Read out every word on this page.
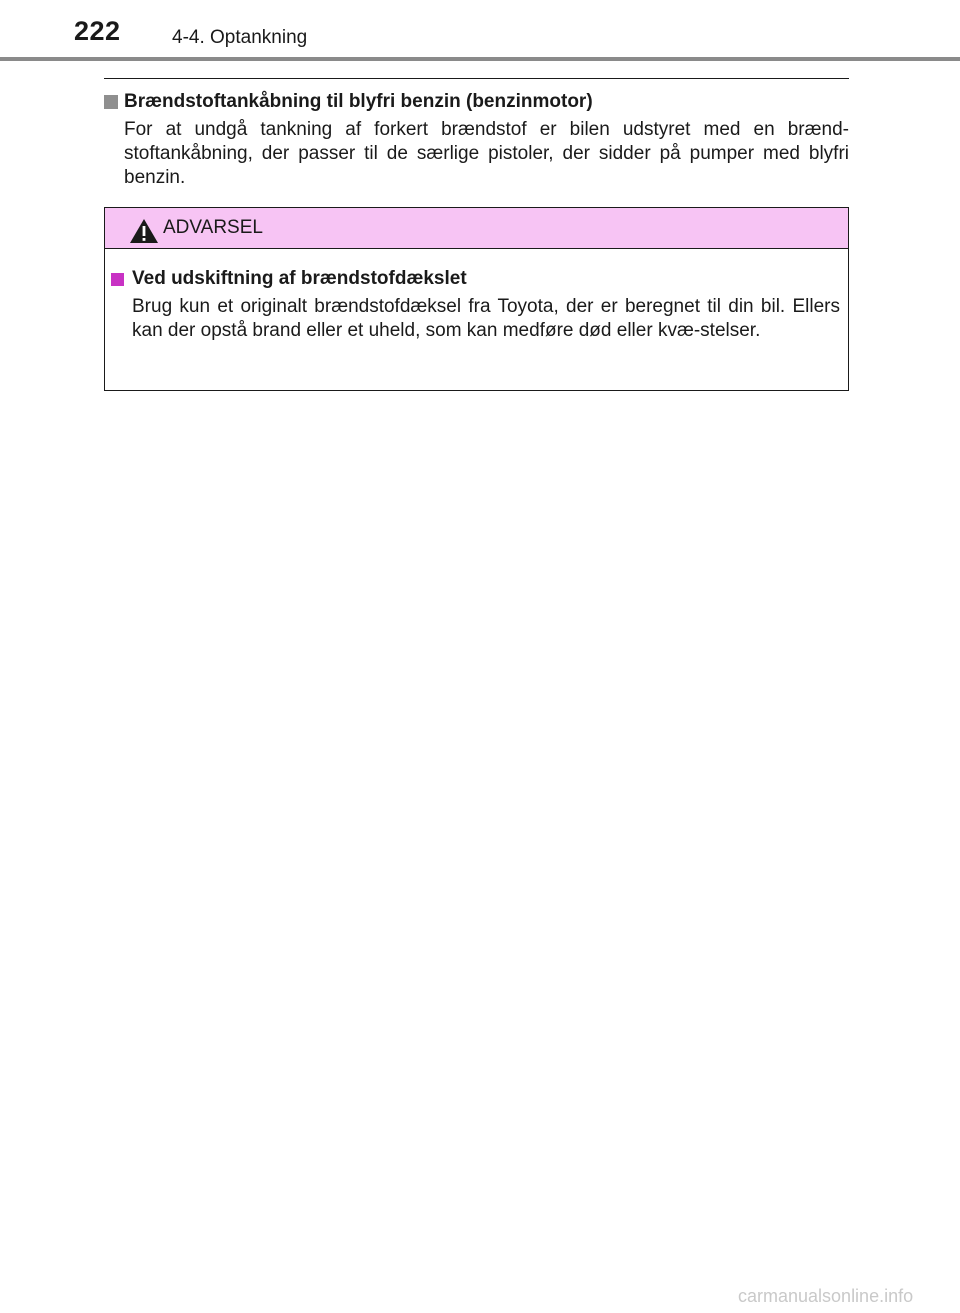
222	4-4. Optankning
Brændstoftankåbning til blyfri benzin (benzinmotor)
For at undgå tankning af forkert brændstof er bilen udstyret med en brænd-stoftankåbning, der passer til de særlige pistoler, der sidder på pumper med blyfri benzin.
ADVARSEL
Ved udskiftning af brændstofdækslet
Brug kun et originalt brændstofdæksel fra Toyota, der er beregnet til din bil. Ellers kan der opstå brand eller et uheld, som kan medføre død eller kvæ-stelser.
carmanualsonline.info
